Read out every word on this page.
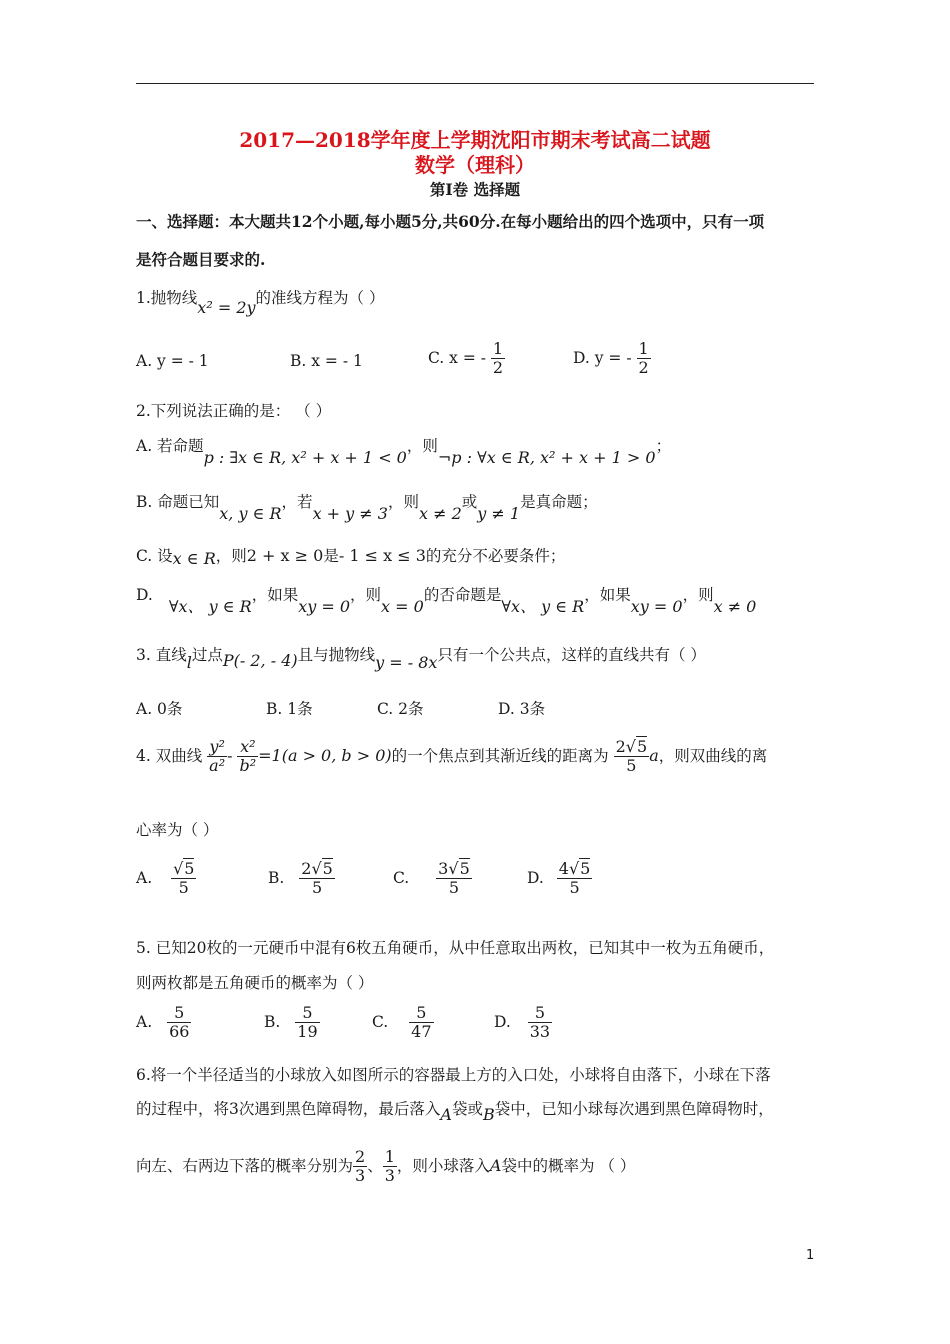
2017—2018学年度上学期沈阳市期末考试高二试题
数学（理科）
第Ⅰ卷 选择题
一、选择题：本大题共12个小题,每小题5分,共60分.在每小题给出的四个选项中，只有一项
是符合题目要求的.
1.抛物线x² = 2y的准线方程为（ ）
A. y = - 1	B. x = - 1	C. x = - $\frac{1}{2}$	D. y = - $\frac{1}{2}$
2.下列说法正确的是： （ ）
A. 若命题p : ∃x ∈ R, x² + x + 1 < 0，则¬p : ∀x ∈ R, x² + x + 1 > 0；
B. 命题已知x, y ∈ R，若x + y ≠ 3，则x ≠ 2或y ≠ 1是真命题；
C. 设x ∈ R，则2 + x ≥ 0是- 1 ≤ x ≤ 3的充分不必要条件；
D.∀x、 y ∈ R，如果xy = 0，则x = 0的否命题是∀x、 y ∈ R，如果xy = 0，则x ≠ 0
3. 直线l过点P(- 2, - 4)且与抛物线y = - 8x只有一个公共点，这样的直线共有（ ）
A. 0条	B. 1条	C. 2条	D. 3条
4. 双曲线 $\frac{\text{y²}}{\text{a²}} - \frac{\text{x²}}{\text{b²}} =1(a > 0$, b > 0)的一个焦点到其渐近线的距离为 $\frac{2√5}{5}$ a，则双曲线的离
心率为（ ）
A. $\frac{√5}{5}$	B. $\frac{2√5}{5}$	C. $\frac{3√5}{5}$	D. $\frac{4√5}{5}$
5. 已知20枚的一元硬币中混有6枚五角硬币，从中任意取出两枚，已知其中一枚为五角硬币，
则两枚都是五角硬币的概率为（ ）
A. $\frac{5}{66}$	B. $\frac{5}{19}$	C. $\frac{5}{47}$	D. $\frac{5}{33}$
6.将一个半径适当的小球放入如图所示的容器最上方的入口处，小球将自由落下，小球在下落
的过程中，将3次遇到黑色障碍物，最后落入A袋或B袋中，已知小球每次遇到黑色障碍物时，
向左、右两边下落的概率分别为 $\frac{2}{3}$ 、 $\frac{1}{3}$ ，则小球落入A袋中的概率为 （ ）
1
